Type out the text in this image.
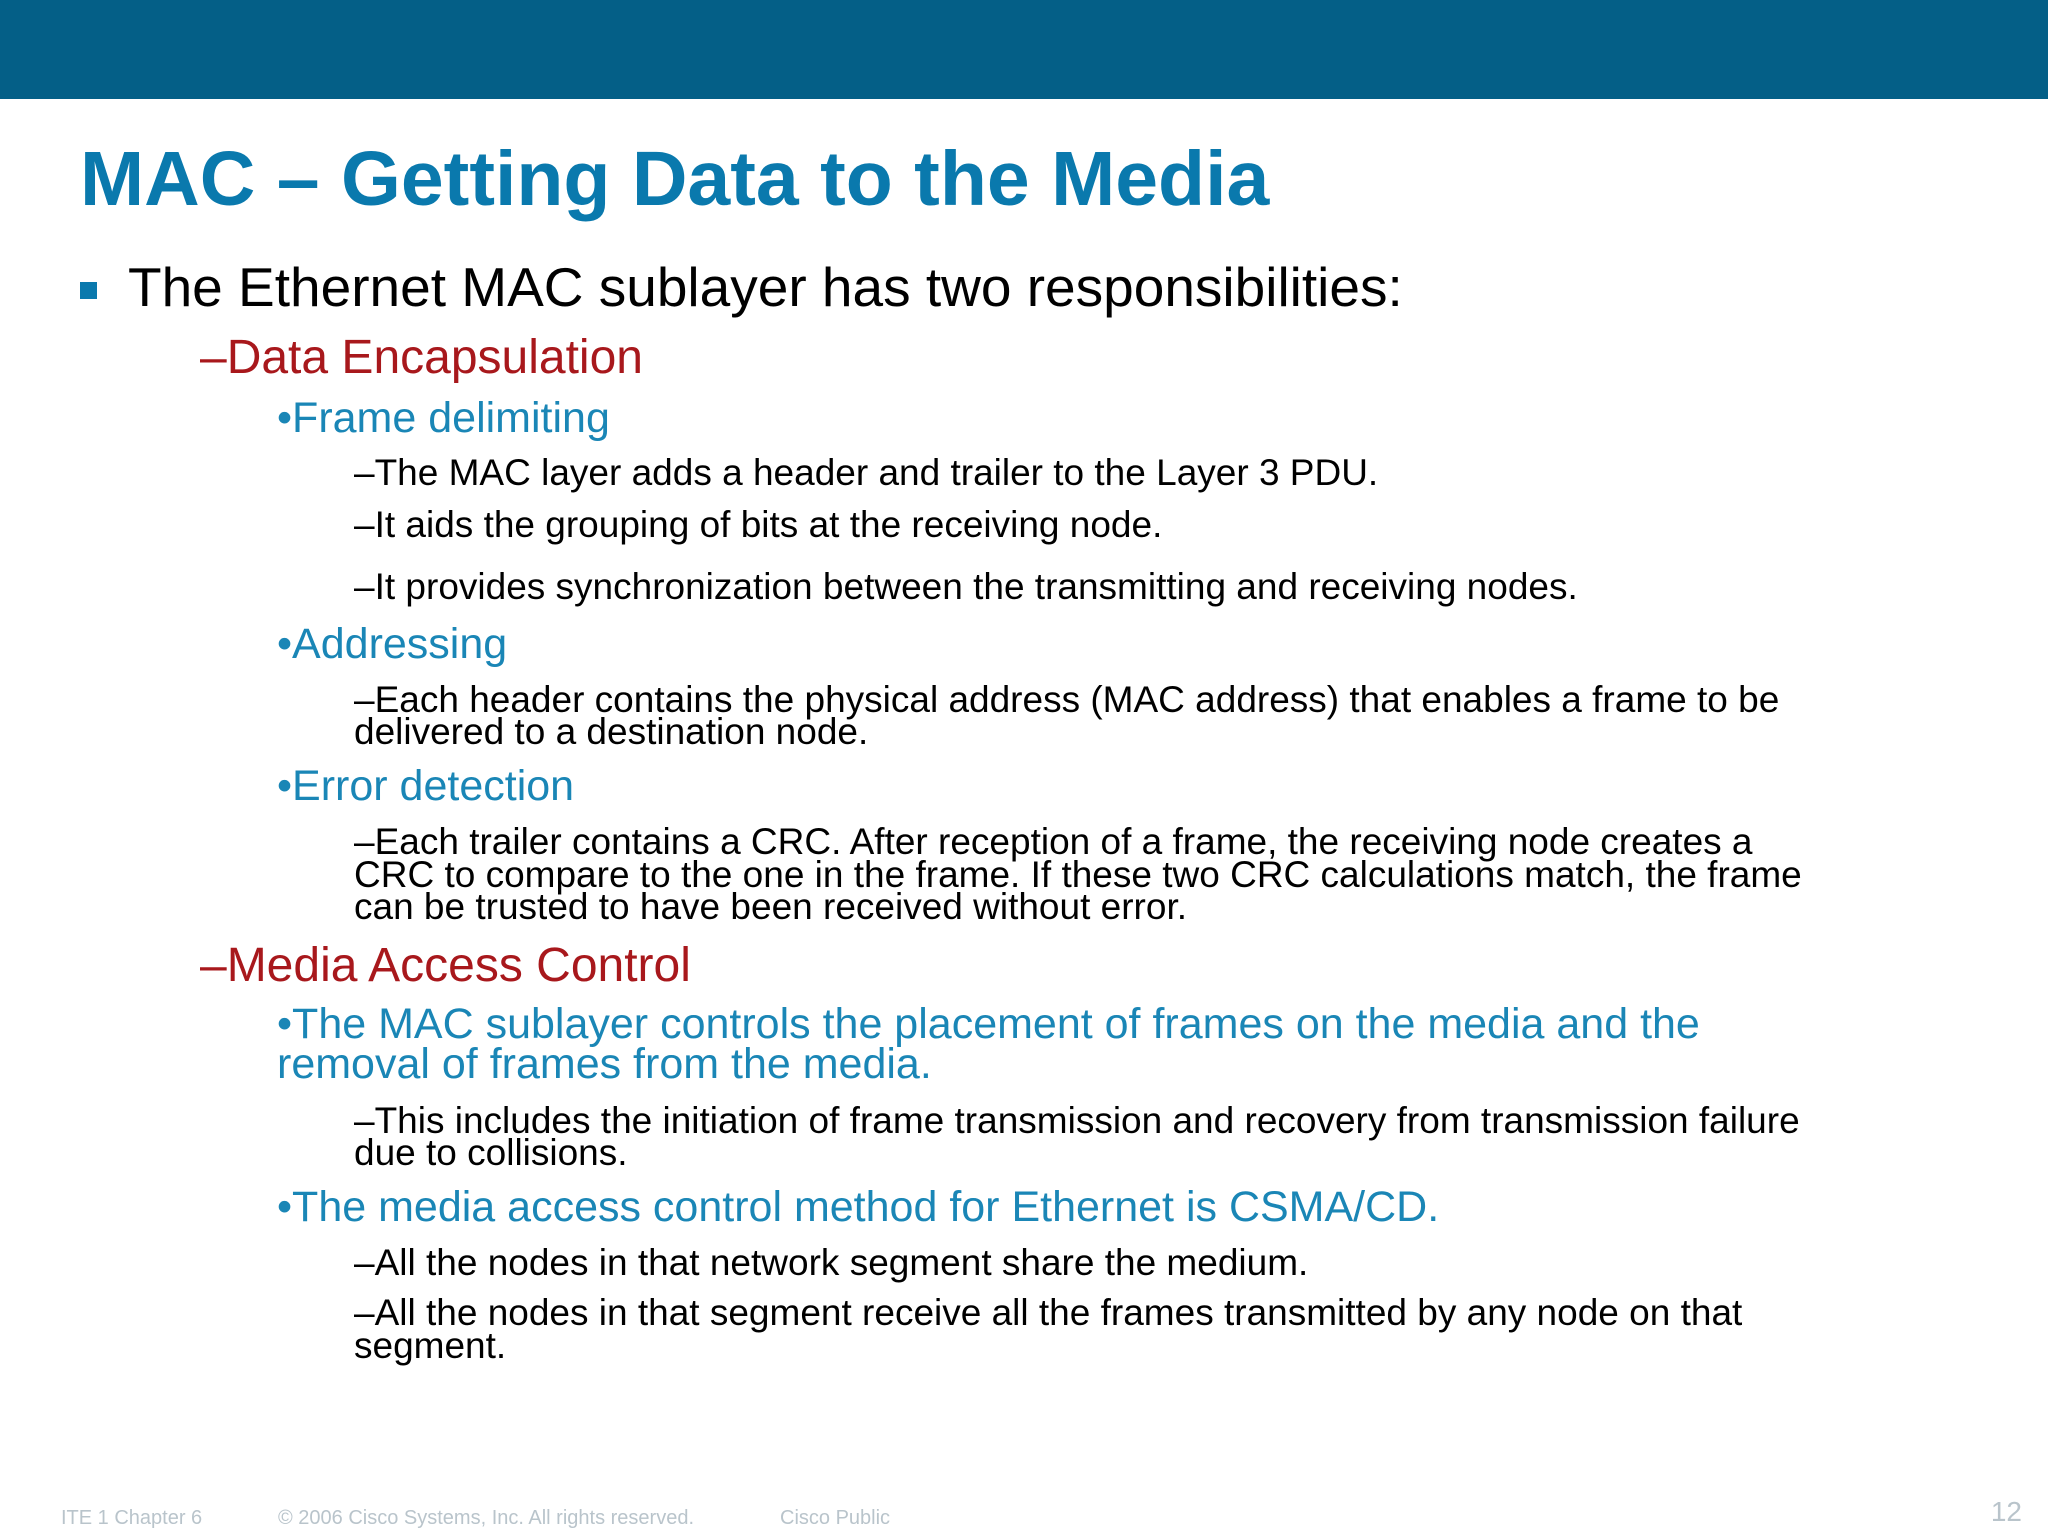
MAC – Getting Data to the Media
The Ethernet MAC sublayer has two responsibilities:
–Data Encapsulation
•Frame delimiting
–The MAC layer adds a header and trailer to the Layer 3 PDU.
–It aids the grouping of bits at the receiving node.
–It provides synchronization between the transmitting and receiving nodes.
•Addressing
–Each header contains the physical address (MAC address) that enables a frame to be
delivered to a destination node.
•Error detection
–Each trailer contains a CRC. After reception of a frame, the receiving node creates a
CRC to compare to the one in the frame. If these two CRC calculations match, the frame
can be trusted to have been received without error.
–Media Access Control
•The MAC sublayer controls the placement of frames on the media and the
removal of frames from the media.
–This includes the initiation of frame transmission and recovery from transmission failure
due to collisions.
•The media access control method for Ethernet is CSMA/CD.
–All the nodes in that network segment share the medium.
–All the nodes in that segment receive all the frames transmitted by any node on that
segment.
ITE 1 Chapter 6	© 2006 Cisco Systems, Inc. All rights reserved.	Cisco Public	12
